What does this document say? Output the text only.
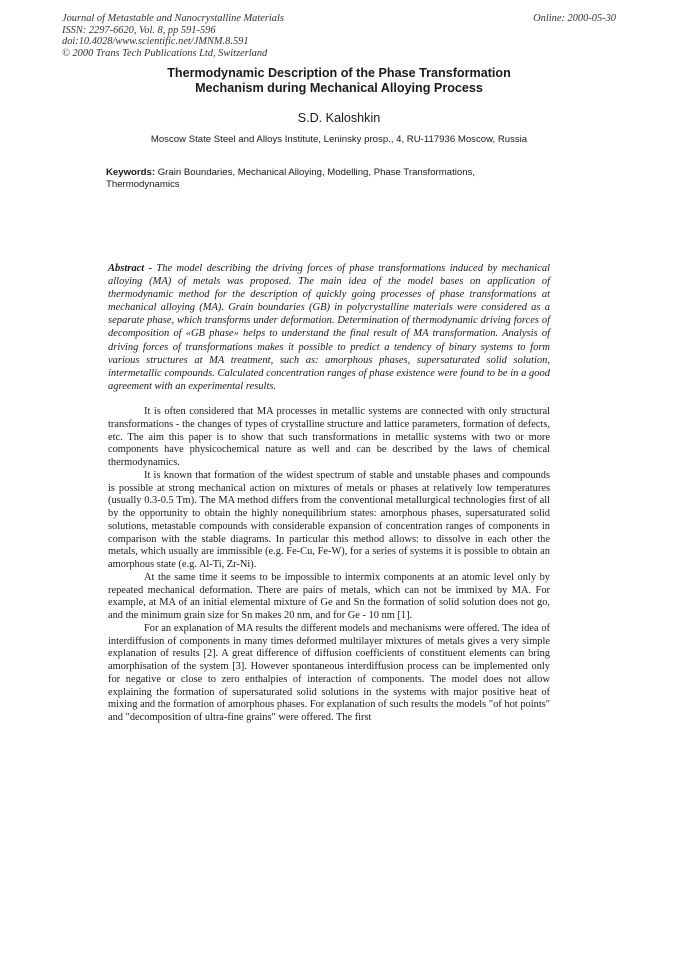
Journal of Metastable and Nanocrystalline Materials
ISSN: 2297-6620, Vol. 8, pp 591-596
doi:10.4028/www.scientific.net/JMNM.8.591
© 2000 Trans Tech Publications Ltd, Switzerland
Online: 2000-05-30
Thermodynamic Description of the Phase Transformation
Mechanism during Mechanical Alloying Process
S.D. Kaloshkin
Moscow State Steel and Alloys Institute, Leninsky prosp., 4, RU-117936 Moscow, Russia
Keywords: Grain Boundaries, Mechanical Alloying, Modelling, Phase Transformations, Thermodynamics
Abstract - The model describing the driving forces of phase transformations induced by mechanical alloying (MA) of metals was proposed. The main idea of the model bases on application of thermodynamic method for the description of quickly going processes of phase transformations at mechanical alloying (MA). Grain boundaries (GB) in polycrystalline materials were considered as a separate phase, which transforms under deformation. Determination of thermodynamic driving forces of decomposition of «GB phase» helps to understand the final result of MA transformation. Analysis of driving forces of transformations makes it possible to predict a tendency of binary systems to form various structures at MA treatment, such as: amorphous phases, supersaturated solid solution, intermetallic compounds. Calculated concentration ranges of phase existence were found to be in a good agreement with an experimental results.

It is often considered that MA processes in metallic systems are connected with only structural transformations - the changes of types of crystalline structure and lattice parameters, formation of defects, etc. The aim this paper is to show that such transformations in metallic systems with two or more components have physicochemical nature as well and can be described by the laws of chemical thermodynamics.

It is known that formation of the widest spectrum of stable and unstable phases and compounds is possible at strong mechanical action on mixtures of metals or phases at relatively low temperatures (usually 0.3-0.5 Tm). The MA method differs from the conventional metallurgical technologies first of all by the opportunity to obtain the highly nonequilibrium states: amorphous phases, supersaturated solid solutions, metastable compounds with considerable expansion of concentration ranges of components in comparison with the stable diagrams. In particular this method allows: to dissolve in each other the metals, which usually are immissible (e.g. Fe-Cu, Fe-W), for a series of systems it is possible to obtain an amorphous state (e.g. Al-Ti, Zr-Ni).

At the same time it seems to be impossible to intermix components at an atomic level only by repeated mechanical deformation. There are pairs of metals, which can not be immixed by MA. For example, at MA of an initial elemental mixture of Ge and Sn the formation of solid solution does not go, and the minimum grain size for Sn makes 20 nm, and for Ge - 10 nm [1].

For an explanation of MA results the different models and mechanisms were offered. The idea of interdiffusion of components in many times deformed multilayer mixtures of metals gives a very simple explanation of results [2]. A great difference of diffusion coefficients of constituent elements can bring amorphisation of the system [3]. However spontaneous interdiffusion process can be implemented only for negative or close to zero enthalpies of interaction of components. The model does not allow explaining the formation of supersaturated solid solutions in the systems with major positive heat of mixing and the formation of amorphous phases. For explanation of such results the models "of hot points" and "decomposition of ultra-fine grains" were offered. The first
